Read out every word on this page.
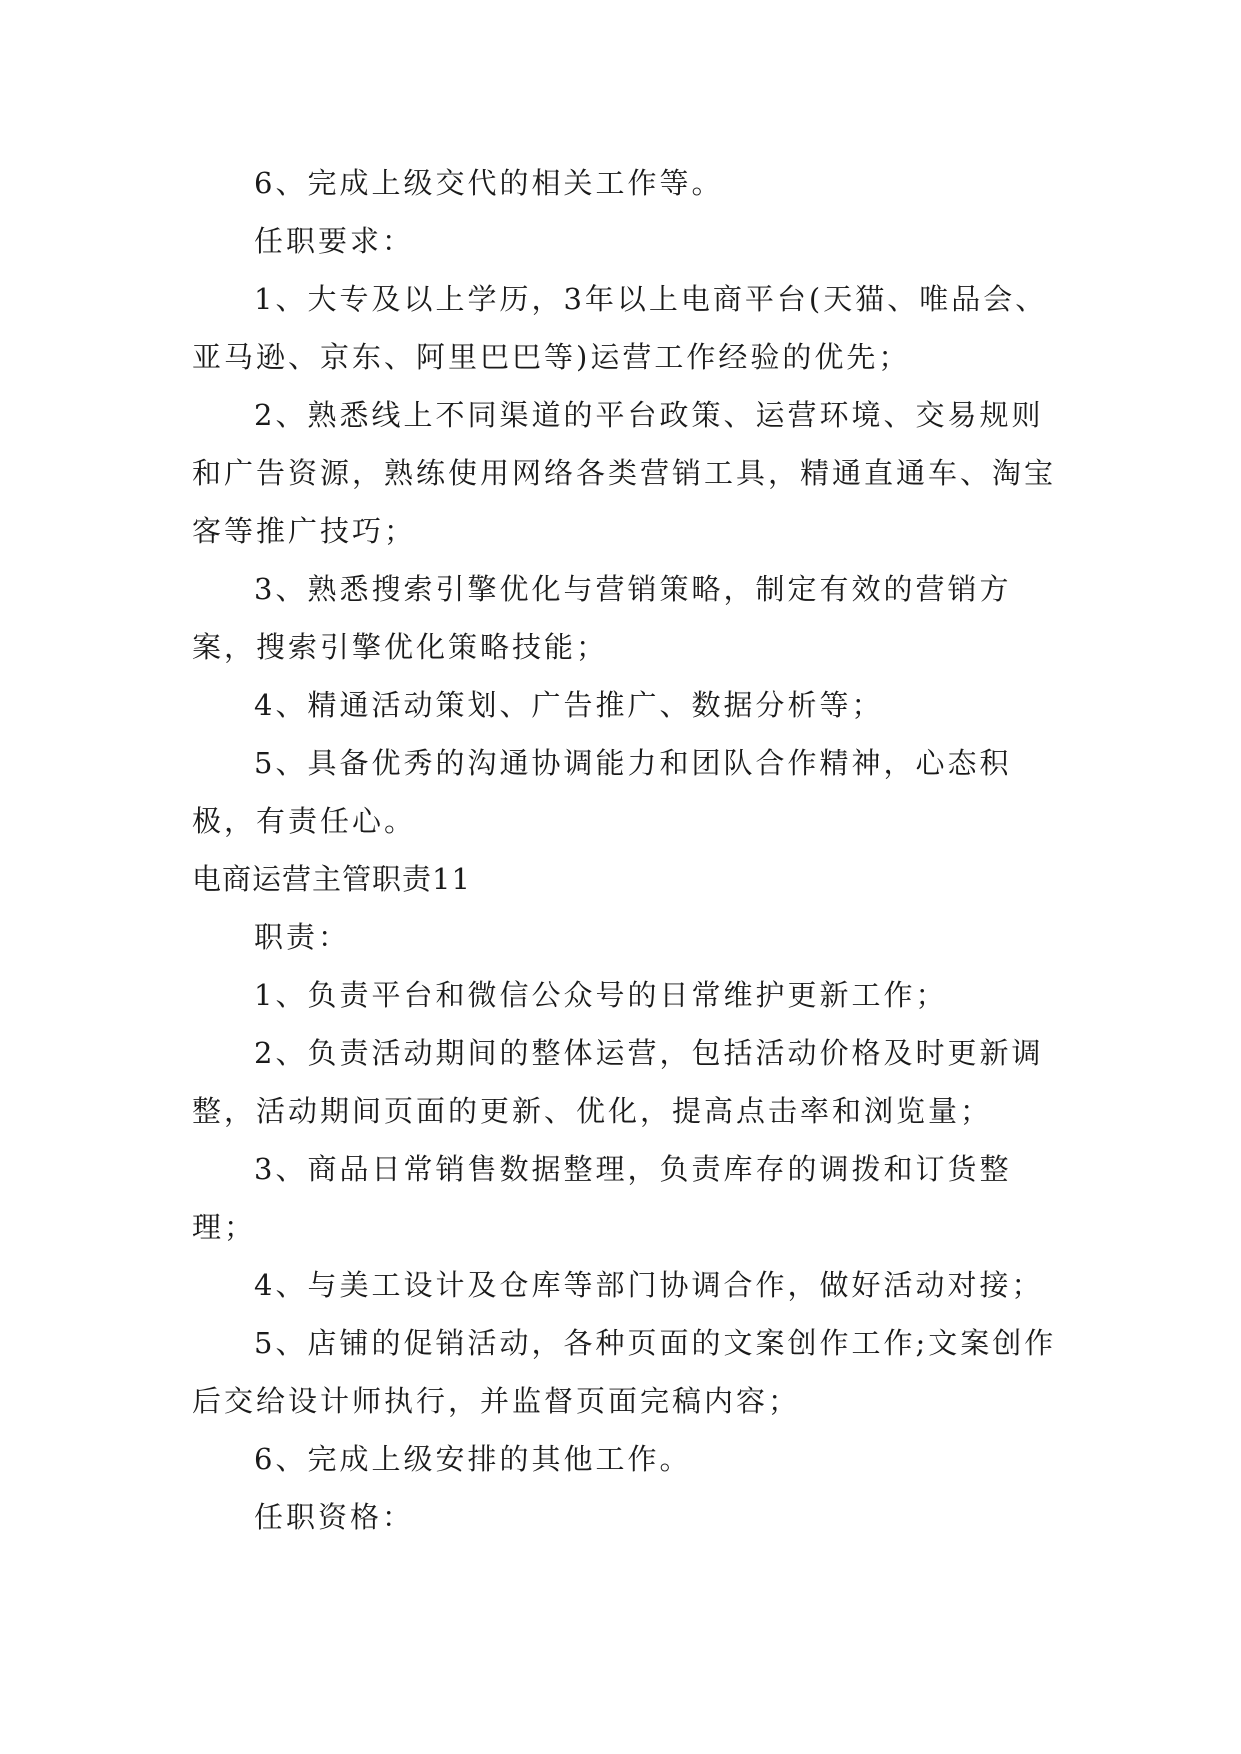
6、完成上级交代的相关工作等。

任职要求：

1、大专及以上学历，3年以上电商平台(天猫、唯品会、亚马逊、京东、阿里巴巴等)运营工作经验的优先；

2、熟悉线上不同渠道的平台政策、运营环境、交易规则和广告资源，熟练使用网络各类营销工具，精通直通车、淘宝客等推广技巧；

3、熟悉搜索引擎优化与营销策略，制定有效的营销方案，搜索引擎优化策略技能；

4、精通活动策划、广告推广、数据分析等；

5、具备优秀的沟通协调能力和团队合作精神，心态积极，有责任心。

电商运营主管职责11

职责：

1、负责平台和微信公众号的日常维护更新工作；

2、负责活动期间的整体运营，包括活动价格及时更新调整，活动期间页面的更新、优化，提高点击率和浏览量；

3、商品日常销售数据整理，负责库存的调拨和订货整理；

4、与美工设计及仓库等部门协调合作，做好活动对接；

5、店铺的促销活动，各种页面的文案创作工作;文案创作后交给设计师执行，并监督页面完稿内容；

6、完成上级安排的其他工作。

任职资格：
